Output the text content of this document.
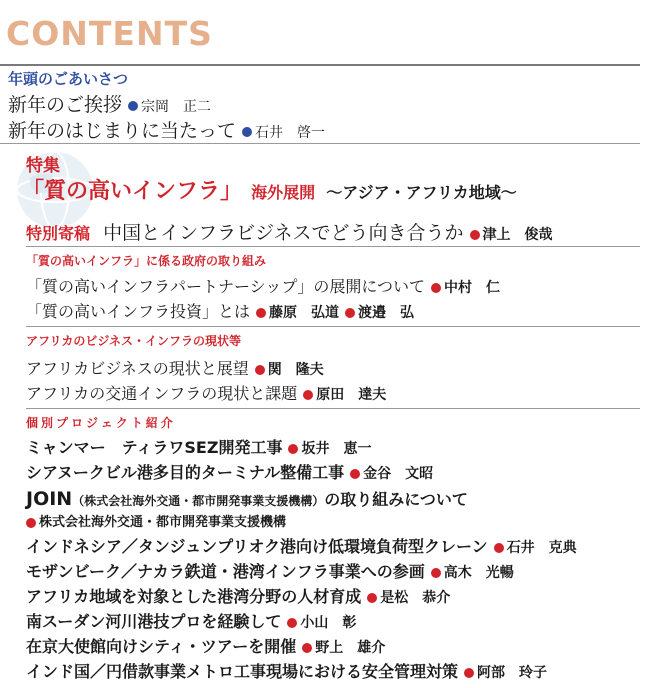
CONTENTS
年頭のごあいさつ
新年のご挨拶 宗岡　正二
新年のはじまりに当たって 石井　啓一
特集
「質の高いインフラ」 海外展開 〜アジア・アフリカ地域〜
特別寄稿 中国とインフラビジネスでどう向き合うか 津上　俊哉
「質の高いインフラ」に係る政府の取り組み
「質の高いインフラパートナーシップ」の展開について 中村　仁
「質の高いインフラ投資」とは 藤原　弘道 渡邉　弘
アフリカのビジネス・インフラの現状等
アフリカビジネスの現状と展望 関　隆夫
アフリカの交通インフラの現状と課題 原田　達夫
個別プロジェクト紹介
ミャンマー　ティラワSEZ開発工事 坂井　恵一
シアヌークビル港多目的ターミナル整備工事 金谷　文昭
JOIN（株式会社海外交通・都市開発事業支援機構）の取り組みについて
株式会社海外交通・都市開発事業支援機構
インドネシア／タンジュンプリオク港向け低環境負荷型クレーン 石井　克典
モザンビーク／ナカラ鉄道・港湾インフラ事業への参画 高木　光暢
アフリカ地域を対象とした港湾分野の人材育成 是松　恭介
南スーダン河川港技プロを経験して 小山　彰
在京大使館向けシティ・ツアーを開催 野上　雄介
インド国／円借款事業メトロ工事現場における安全管理対策 阿部　玲子
